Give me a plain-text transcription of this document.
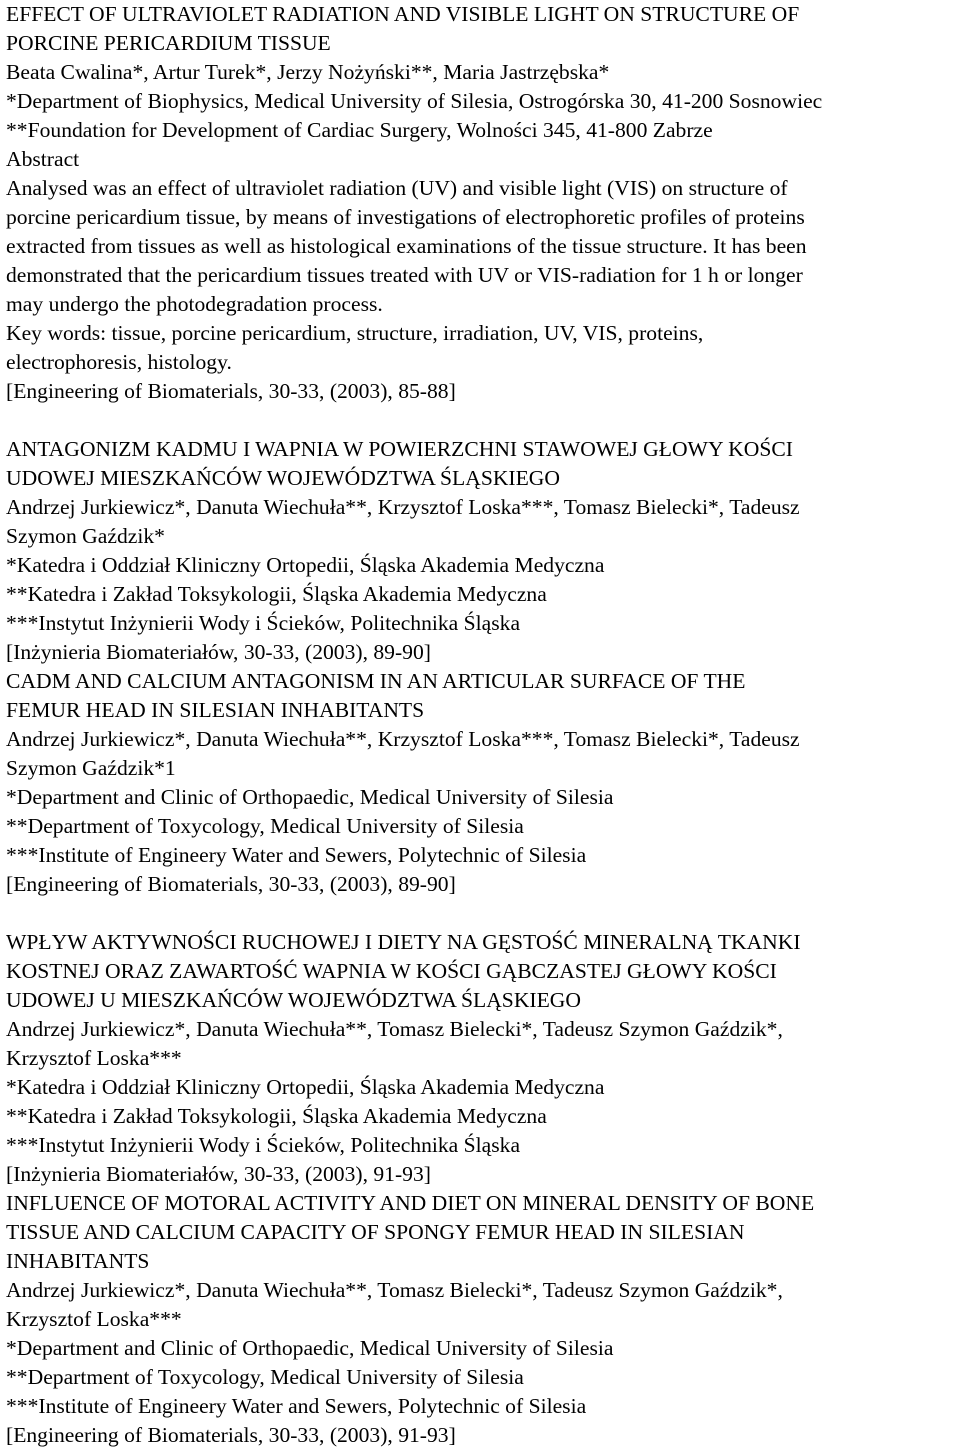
EFFECT OF ULTRAVIOLET RADIATION AND VISIBLE LIGHT ON STRUCTURE OF
PORCINE PERICARDIUM TISSUE
Beata Cwalina*, Artur Turek*, Jerzy Nożyński**, Maria Jastrzębska*
*Department of Biophysics, Medical University of Silesia, Ostrogórska 30, 41-200 Sosnowiec
**Foundation for Development of Cardiac Surgery, Wolności 345, 41-800 Zabrze
Abstract
Analysed was an effect of ultraviolet radiation (UV) and visible light (VIS) on structure of
porcine pericardium tissue, by means of investigations of electrophoretic profiles of proteins
extracted from tissues as well as histological examinations of the tissue structure. It has been
demonstrated that the pericardium tissues treated with UV or VIS-radiation for 1 h or longer
may undergo the photodegradation process.
Key words: tissue, porcine pericardium, structure, irradiation, UV, VIS, proteins,
electrophoresis, histology.
[Engineering of Biomaterials, 30-33, (2003), 85-88]
ANTAGONIZM KADMU I WAPNIA W POWIERZCHNI STAWOWEJ GŁOWY KOŚCI
UDOWEJ MIESZKAŃCÓW WOJEWÓDZTWA ŚLĄSKIEGO
Andrzej Jurkiewicz*, Danuta Wiechuła**, Krzysztof Loska***, Tomasz Bielecki*, Tadeusz
Szymon Gaździk*
*Katedra i Oddział Kliniczny Ortopedii, Śląska Akademia Medyczna
**Katedra i Zakład Toksykologii, Śląska Akademia Medyczna
***Instytut Inżynierii Wody i Ścieków, Politechnika Śląska
[Inżynieria Biomateriałów, 30-33, (2003), 89-90]
CADM AND CALCIUM ANTAGONISM IN AN ARTICULAR SURFACE OF THE
FEMUR HEAD IN SILESIAN INHABITANTS
Andrzej Jurkiewicz*, Danuta Wiechuła**, Krzysztof Loska***, Tomasz Bielecki*, Tadeusz
Szymon Gaździk*1
*Department and Clinic of Orthopaedic, Medical University of Silesia
**Department of Toxycology, Medical University of Silesia
***Institute of Engineery Water and Sewers, Polytechnic of Silesia
[Engineering of Biomaterials, 30-33, (2003), 89-90]
WPŁYW AKTYWNOŚCI RUCHOWEJ I DIETY NA GĘSTOŚĆ MINERALNĄ TKANKI
KOSTNEJ ORAZ ZAWARTOŚĆ WAPNIA W KOŚCI GĄBCZASTEJ GŁOWY KOŚCI
UDOWEJ U MIESZKAŃCÓW WOJEWÓDZTWA ŚLĄSKIEGO
Andrzej Jurkiewicz*, Danuta Wiechuła**, Tomasz Bielecki*, Tadeusz Szymon Gaździk*,
Krzysztof Loska***
*Katedra i Oddział Kliniczny Ortopedii, Śląska Akademia Medyczna
**Katedra i Zakład Toksykologii, Śląska Akademia Medyczna
***Instytut Inżynierii Wody i Ścieków, Politechnika Śląska
[Inżynieria Biomateriałów, 30-33, (2003), 91-93]
INFLUENCE OF MOTORAL ACTIVITY AND DIET ON MINERAL DENSITY OF BONE
TISSUE AND CALCIUM CAPACITY OF SPONGY FEMUR HEAD IN SILESIAN
INHABITANTS
Andrzej Jurkiewicz*, Danuta Wiechuła**, Tomasz Bielecki*, Tadeusz Szymon Gaździk*,
Krzysztof Loska***
*Department and Clinic of Orthopaedic, Medical University of Silesia
**Department of Toxycology, Medical University of Silesia
***Institute of Engineery Water and Sewers, Polytechnic of Silesia
[Engineering of Biomaterials, 30-33, (2003), 91-93]
